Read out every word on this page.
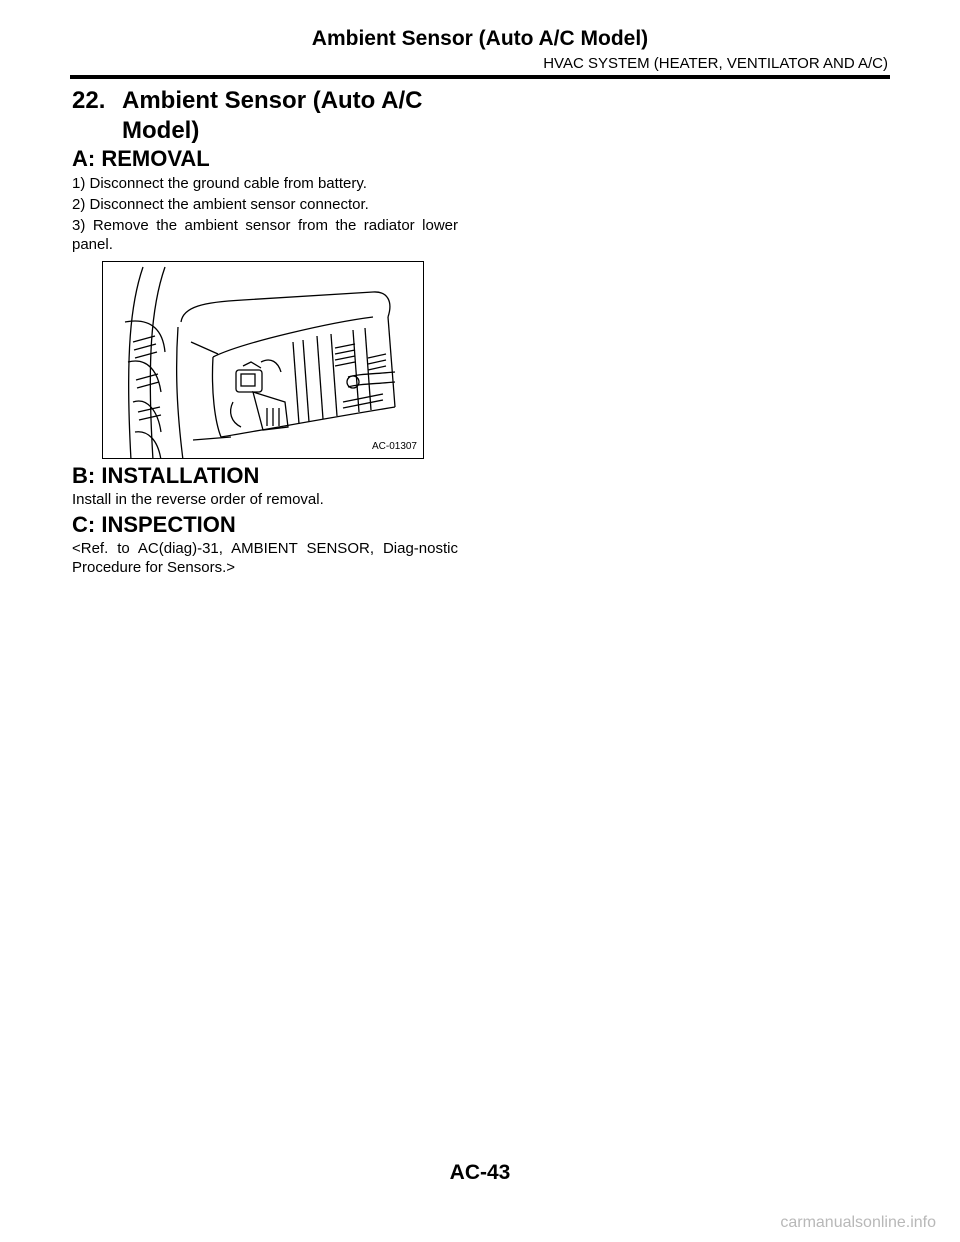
Ambient Sensor (Auto A/C Model)
HVAC SYSTEM (HEATER, VENTILATOR AND A/C)
22. Ambient Sensor (Auto A/C
Model)
A: REMOVAL

1) Disconnect the ground cable from battery.

2) Disconnect the ambient sensor connector.

3) Remove the ambient sensor from the radiator lower panel.

AC-01307
B: INSTALLATION

Install in the reverse order of removal.

C: INSPECTION

<Ref. to AC(diag)-31, AMBIENT SENSOR, Diag-nostic Procedure for Sensors.>

AC-43
carmanualsonline.info
